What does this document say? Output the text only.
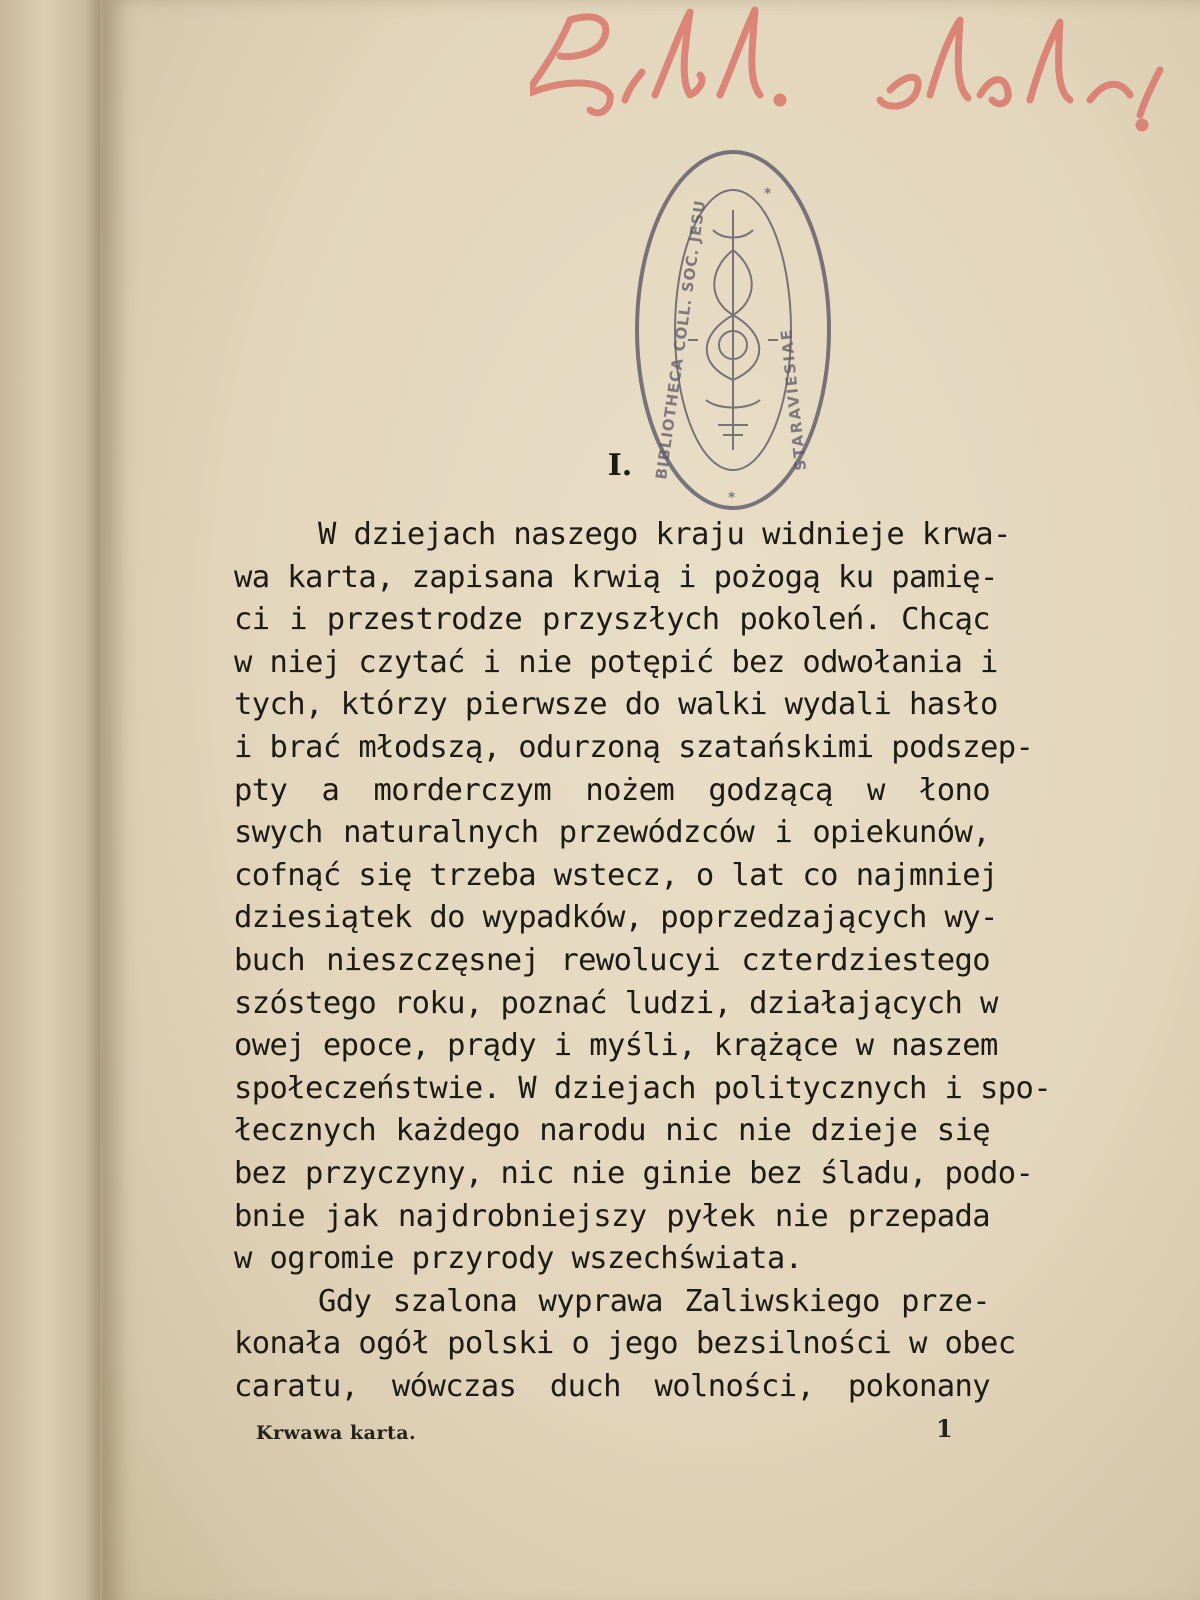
BIBLIOTHECA COLL. SOC. JESU	STARAVIESIAE
*
*
I.
W dziejach naszego kraju widnieje krwa-
wa karta, zapisana krwią i pożogą ku pamię-
ci i przestrodze przyszłych pokoleń. Chcąc
w niej czytać i nie potępić bez odwołania i
tych, którzy pierwsze do walki wydali hasło
i brać młodszą, odurzoną szatańskimi podszep-
pty a morderczym nożem godzącą w łono
swych naturalnych przewódzców i opiekunów,
cofnąć się trzeba wstecz, o lat co najmniej
dziesiątek do wypadków, poprzedzających wy-
buch nieszczęsnej rewolucyi czterdziestego
szóstego roku, poznać ludzi, działających w
owej epoce, prądy i myśli, krążące w naszem
społeczeństwie. W dziejach politycznych i spo-
łecznych każdego narodu nic nie dzieje się
bez przyczyny, nic nie ginie bez śladu, podo-
bnie jak najdrobniejszy pyłek nie przepada
w ogromie przyrody wszechświata.
Gdy szalona wyprawa Zaliwskiego prze-
konała ogół polski o jego bezsilności w obec
caratu, wówczas duch wolności, pokonany
Krwawa karta.	1
